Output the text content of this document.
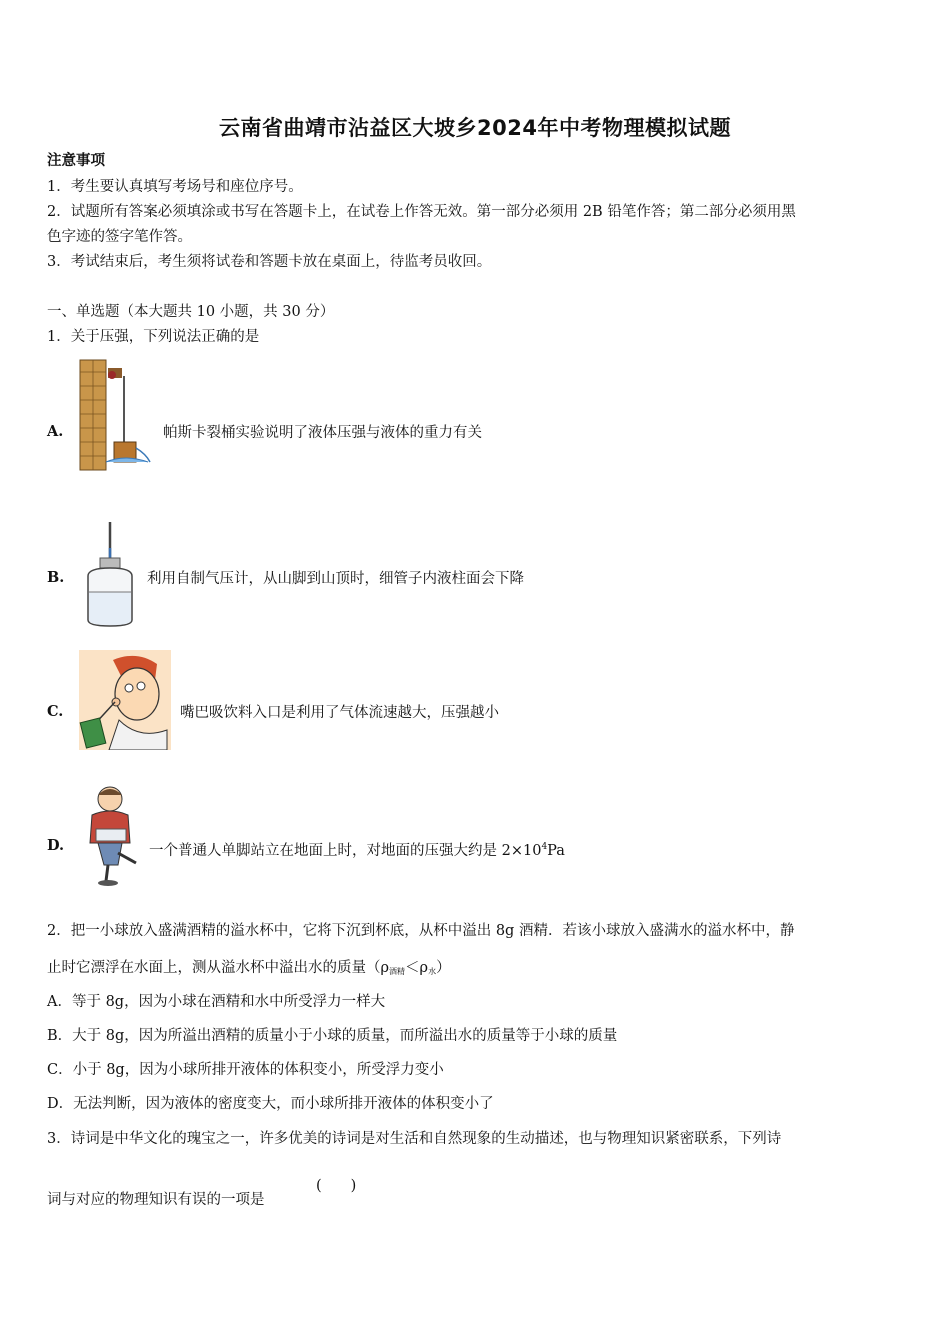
云南省曲靖市沾益区大坡乡2024年中考物理模拟试题
注意事项
1．考生要认真填写考场号和座位序号。
2．试题所有答案必须填涂或书写在答题卡上，在试卷上作答无效。第一部分必须用 2B 铅笔作答；第二部分必须用黑
色字迹的签字笔作答。
3．考试结束后，考生须将试卷和答题卡放在桌面上，待监考员收回。
一、单选题（本大题共 10 小题，共 30 分）
1．关于压强，下列说法正确的是
A.	帕斯卡裂桶实验说明了液体压强与液体的重力有关
B.	利用自制气压计，从山脚到山顶时，细管子内液柱面会下降
C.	嘴巴吸饮料入口是利用了气体流速越大，压强越小
D.	一个普通人单脚站立在地面上时，对地面的压强大约是 $2\times 10^4Pa$
2．把一小球放入盛满酒精的溢水杯中，它将下沉到杯底，从杯中溢出 8g 酒精．若该小球放入盛满水的溢水杯中，静
止时它漂浮在水面上，测从溢水杯中溢出水的质量$(\rho_{酒精}<\rho_水)$
A．等于 8g，因为小球在酒精和水中所受浮力一样大
B．大于 8g，因为所溢出酒精的质量小于小球的质量，而所溢出水的质量等于小球的质量
C．小于 8g，因为小球所排开液体的体积变小，所受浮力变小
D．无法判断，因为液体的密度变大，而小球所排开液体的体积变小了
3．诗词是中华文化的瑰宝之一，许多优美的诗词是对生活和自然现象的生动描述，也与物理知识紧密联系，下列诗
词与对应的物理知识有误的一项是
(　　)
